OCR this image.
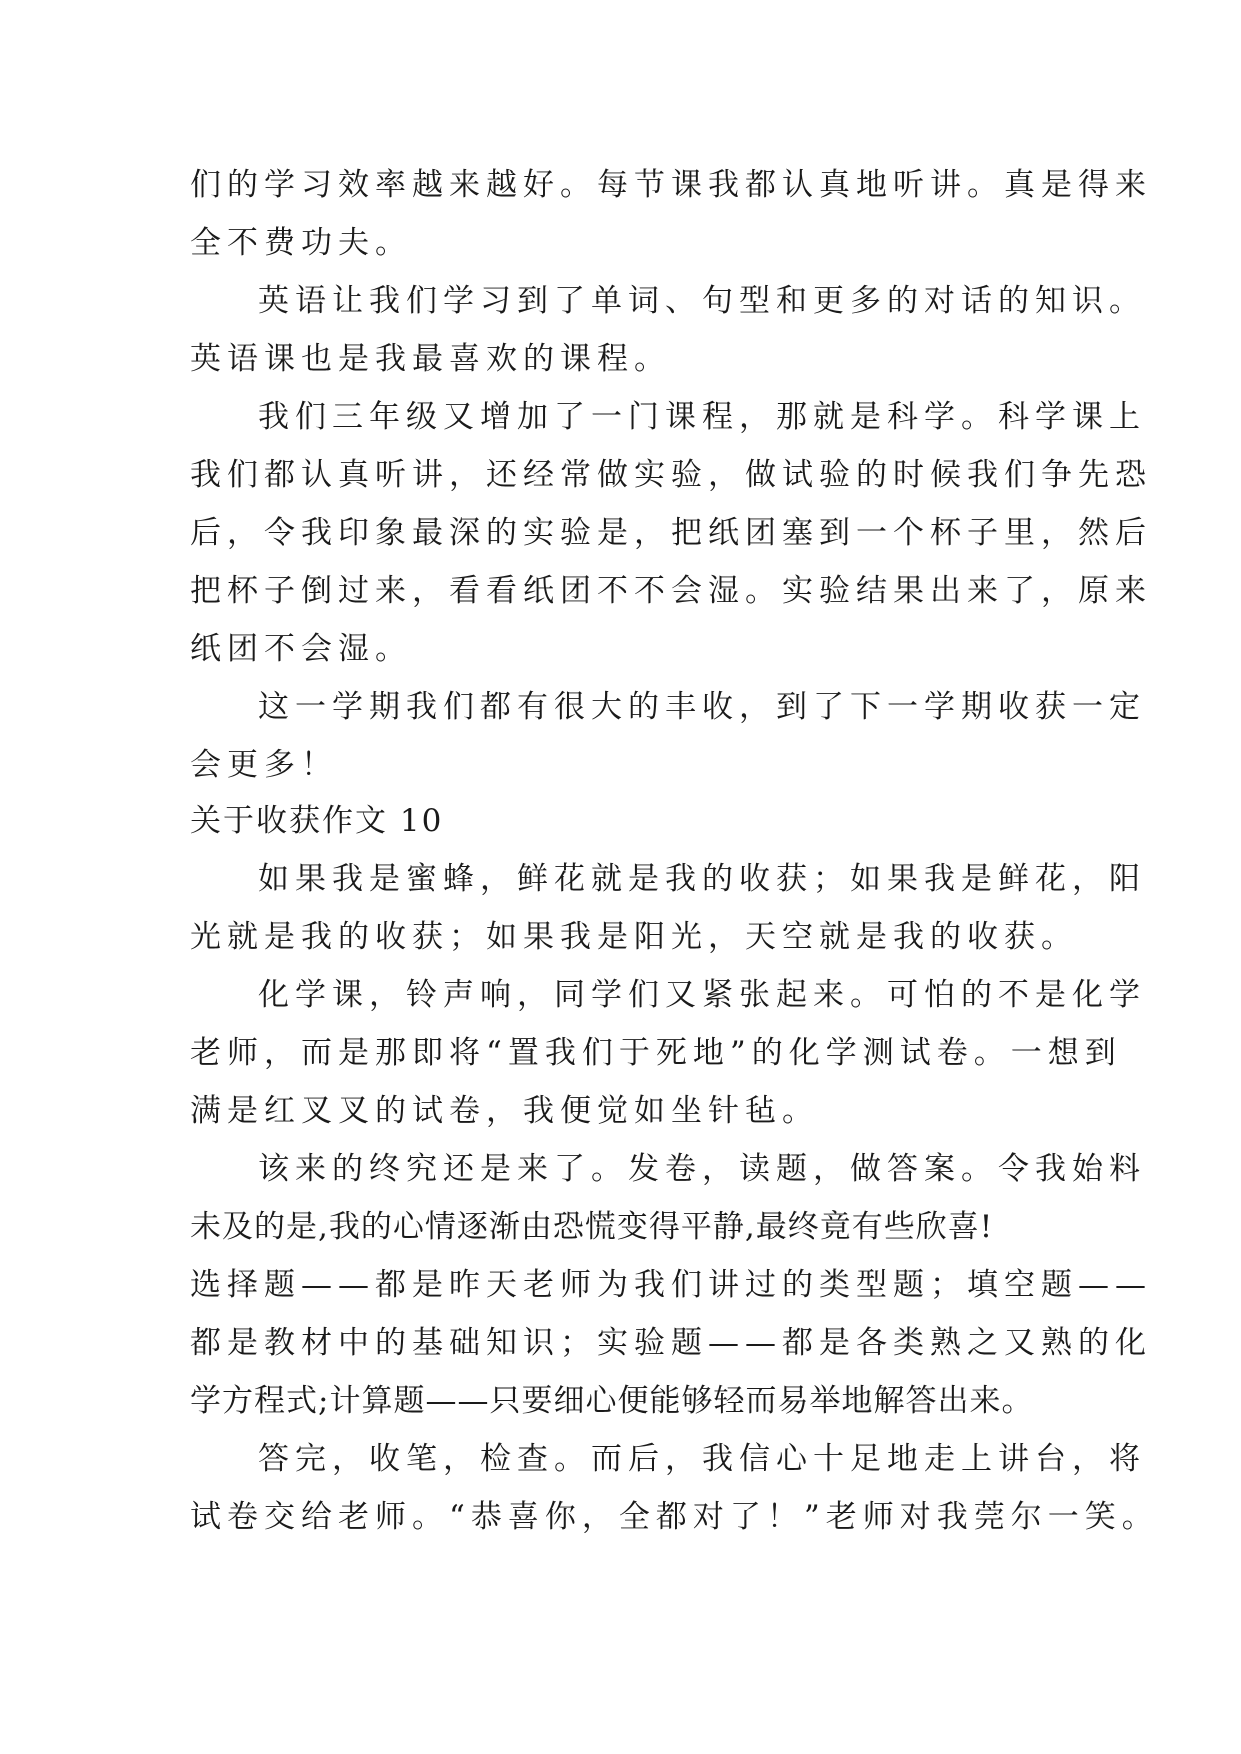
们的学习效率越来越好。每节课我都认真地听讲。真是得来
全不费功夫。
英语让我们学习到了单词、句型和更多的对话的知识。
英语课也是我最喜欢的课程。
我们三年级又增加了一门课程，那就是科学。科学课上
我们都认真听讲，还经常做实验，做试验的时候我们争先恐
后，令我印象最深的实验是，把纸团塞到一个杯子里，然后
把杯子倒过来，看看纸团不不会湿。实验结果出来了，原来
纸团不会湿。
这一学期我们都有很大的丰收，到了下一学期收获一定
会更多！
关于收获作文 10
如果我是蜜蜂，鲜花就是我的收获；如果我是鲜花，阳
光就是我的收获；如果我是阳光，天空就是我的收获。
化学课，铃声响，同学们又紧张起来。可怕的不是化学
老师，而是那即将“置我们于死地”的化学测试卷。一想到
满是红叉叉的试卷，我便觉如坐针毡。
该来的终究还是来了。发卷，读题，做答案。令我始料
未及的是,我的心情逐渐由恐慌变得平静,最终竟有些欣喜!
选择题——都是昨天老师为我们讲过的类型题；填空题——
都是教材中的基础知识；实验题——都是各类熟之又熟的化
学方程式;计算题——只要细心便能够轻而易举地解答出来。
答完，收笔，检查。而后，我信心十足地走上讲台，将
试卷交给老师。“恭喜你，全都对了！”老师对我莞尔一笑。
